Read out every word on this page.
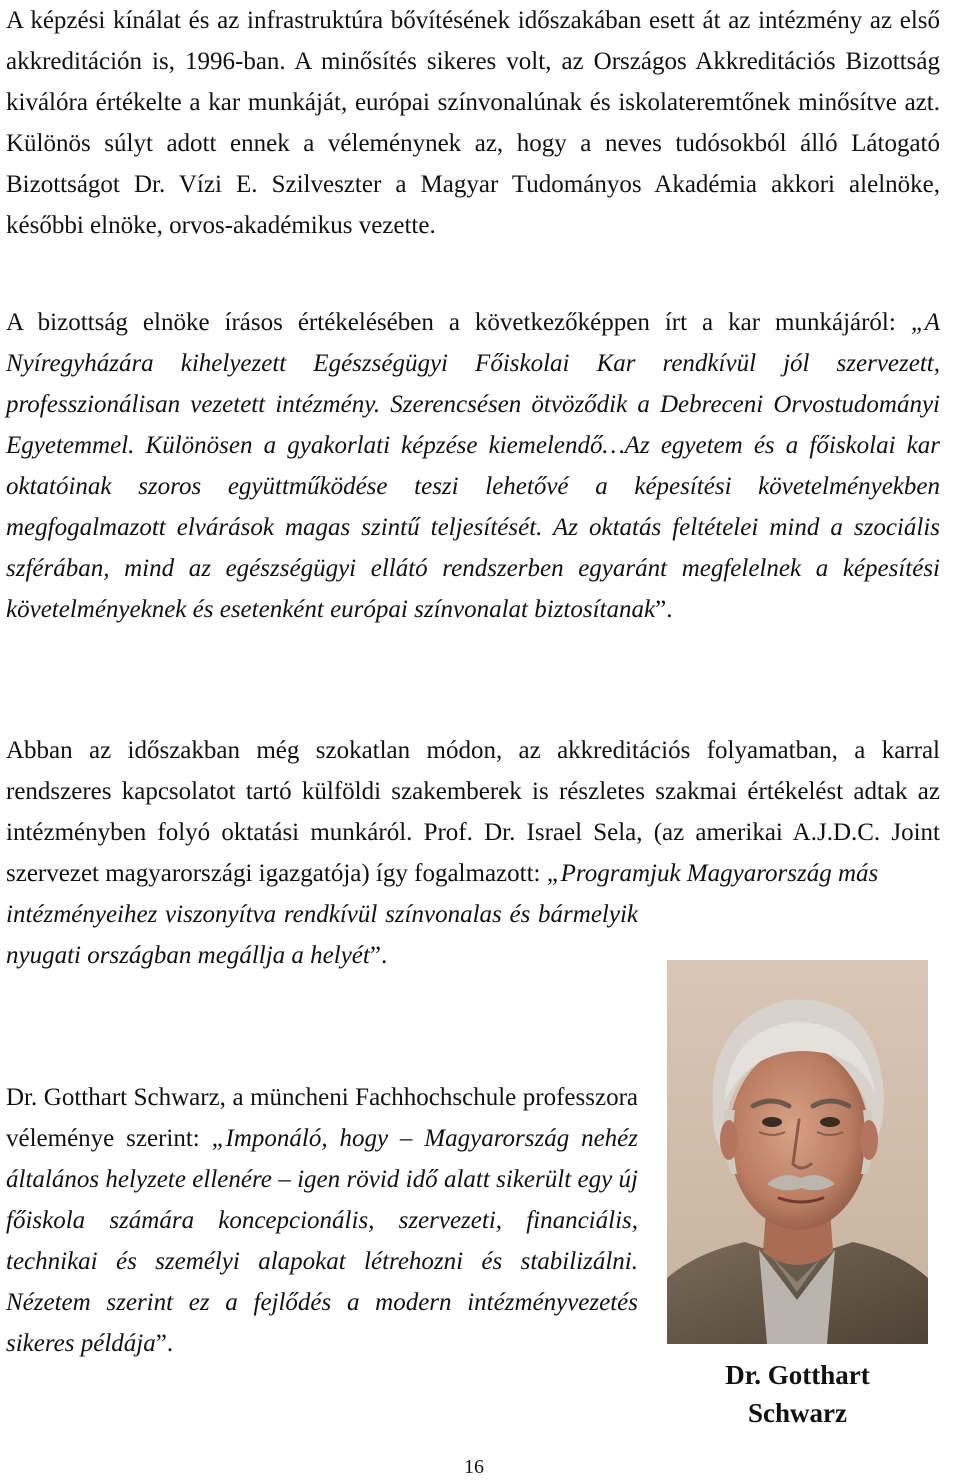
A képzési kínálat és az infrastruktúra bővítésének időszakában esett át az intézmény az első akkreditáción is, 1996-ban. A minősítés sikeres volt, az Országos Akkreditációs Bizottság kiválóra értékelte a kar munkáját, európai színvonalúnak és iskolateremtőnek minősítve azt. Különös súlyt adott ennek a véleménynek az, hogy a neves tudósokból álló Látogató Bizottságot Dr. Vízi E. Szilveszter a Magyar Tudományos Akadémia akkori alelnöke, későbbi elnöke, orvos-akadémikus vezette.

A bizottság elnöke írásos értékelésében a következőképpen írt a kar munkájáról: „A Nyíregyházára kihelyezett Egészségügyi Főiskolai Kar rendkívül jól szervezett, professzionálisan vezetett intézmény. Szerencsésen ötvöződik a Debreceni Orvostudományi Egyetemmel. Különösen a gyakorlati képzése kiemelendő…Az egyetem és a főiskolai kar oktatóinak szoros együttműködése teszi lehetővé a képesítési követelményekben megfogalmazott elvárások magas szintű teljesítését. Az oktatás feltételei mind a szociális szférában, mind az egészségügyi ellátó rendszerben egyaránt megfelelnek a képesítési követelményeknek és esetenként európai színvonalat biztosítanak”.

Abban az időszakban még szokatlan módon, az akkreditációs folyamatban, a karral rendszeres kapcsolatot tartó külföldi szakemberek is részletes szakmai értékelést adtak az intézményben folyó oktatási munkáról. Prof. Dr. Israel Sela, (az amerikai A.J.D.C. Joint szervezet magyarországi igazgatója) így fogalmazott: „Programjuk Magyarország más
intézményeihez viszonyítva rendkívül színvonalas és bármelyik nyugati országban megállja a helyét”.

Dr. Gotthart Schwarz, a müncheni Fachhochschule professzora véleménye szerint: „Imponáló, hogy – Magyarország nehéz általános helyzete ellenére – igen rövid idő alatt sikerült egy új főiskola számára koncepcionális, szervezeti, financiális, technikai és személyi alapokat létrehozni és stabilizálni. Nézetem szerint ez a fejlődés a modern intézményvezetés sikeres példája”.

Dr. Gotthart
Schwarz
16
